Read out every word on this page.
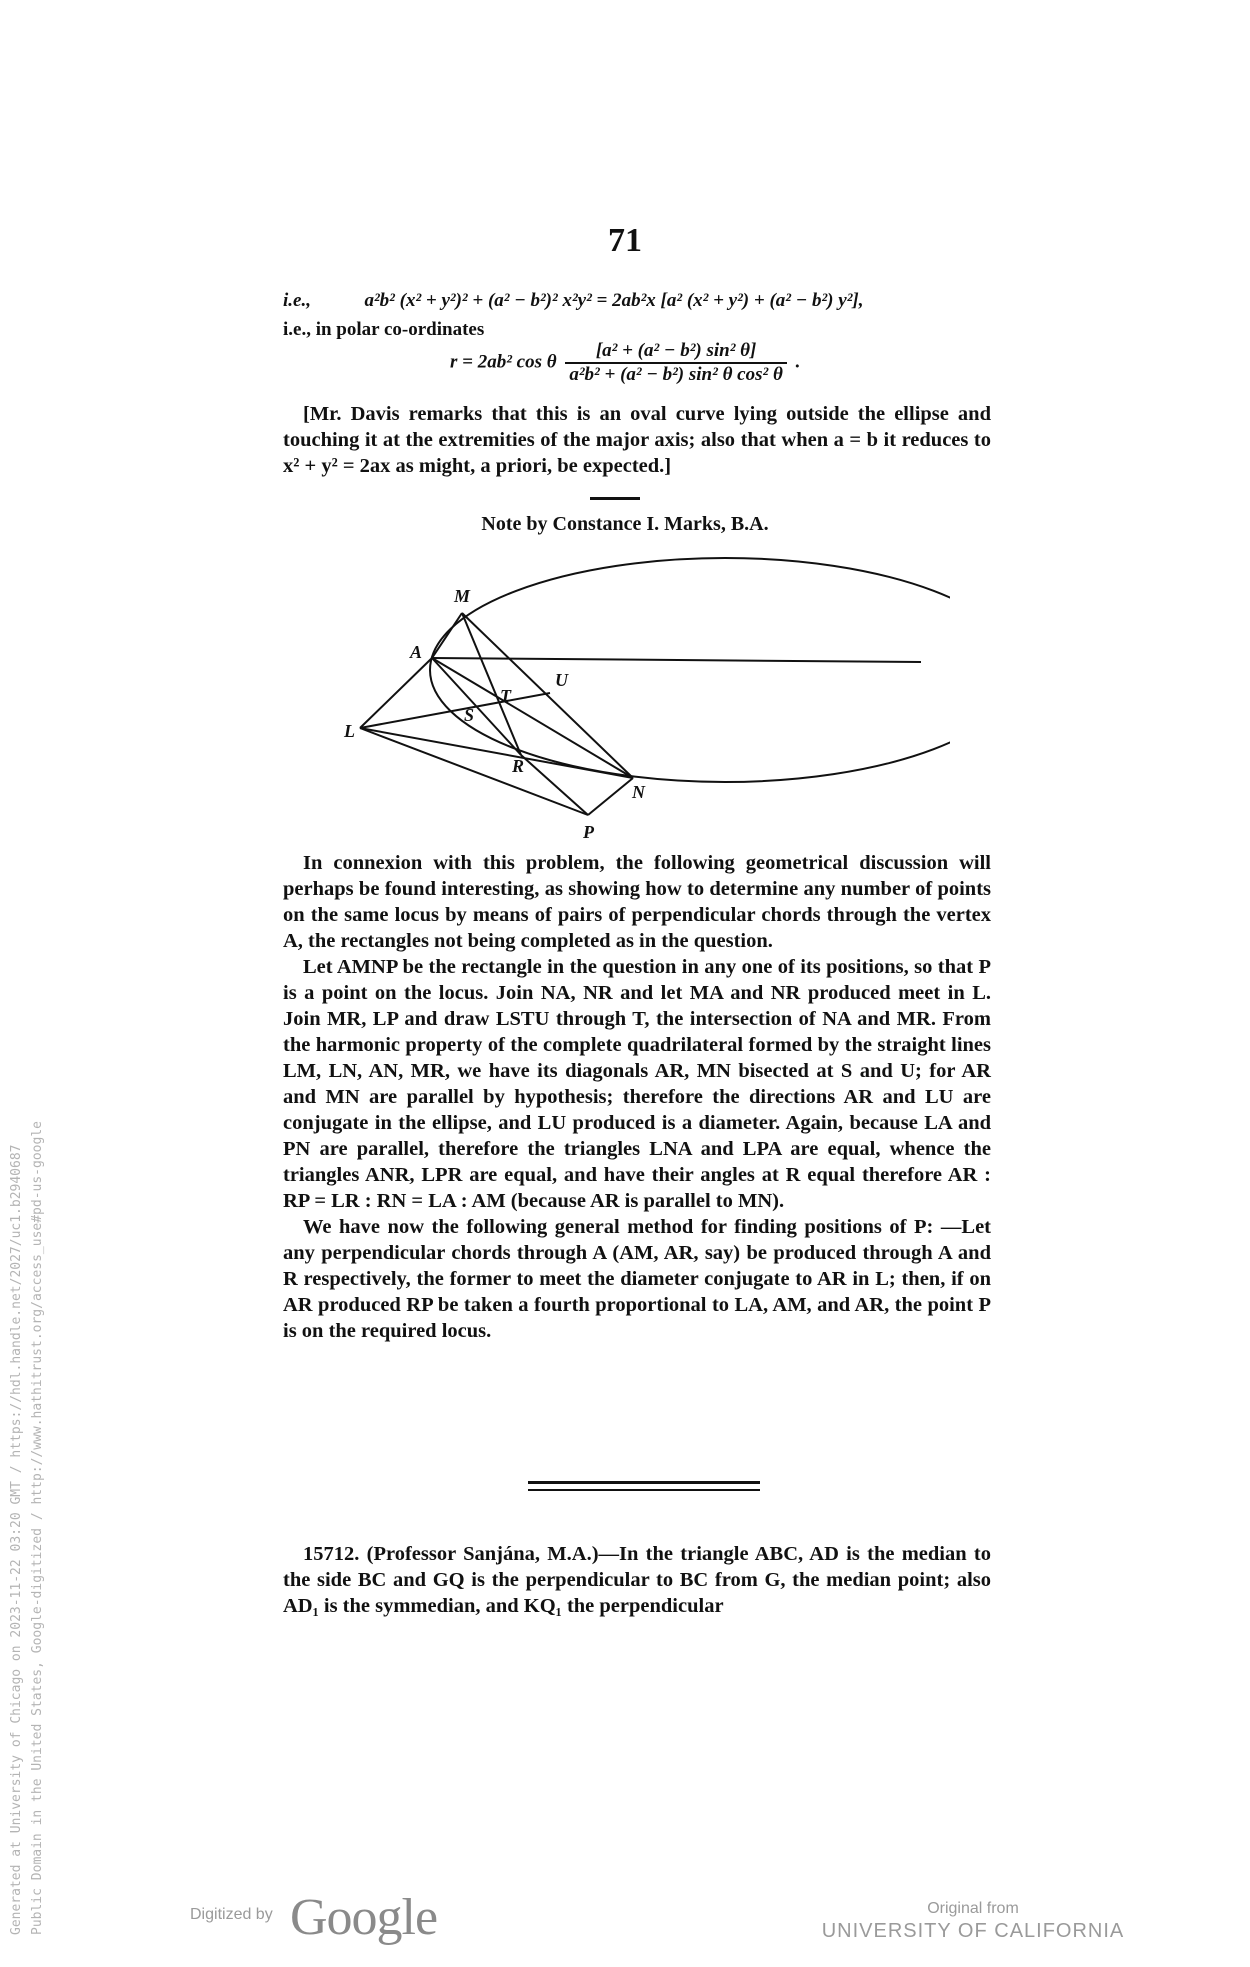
71
i.e.,	a²b² (x² + y²)² + (a² − b²)² x²y² = 2ab²x [a² (x² + y²) + (a² − b²) y²],
i.e., in polar co-ordinates
r = 2ab² cos θ $\frac{\text{[a² + (a² − b²) sin² θ]}}{\text{a²b² + (a² − b²) sin² θ cos² θ}}$ .

[Mr. Davis remarks that this is an oval curve lying outside the ellipse and touching it at the extremities of the major axis; also that when a = b it reduces to x² + y² = 2ax as might, a priori, be expected.]

Note by Constance I. Marks, B.A.
M
A
T
U
S
L
R
N
P

In connexion with this problem, the following geometrical discussion will perhaps be found interesting, as showing how to determine any number of points on the same locus by means of pairs of perpendicular chords through the vertex A, the rectangles not being completed as in the question.

Let AMNP be the rectangle in the question in any one of its positions, so that P is a point on the locus. Join NA, NR and let MA and NR produced meet in L. Join MR, LP and draw LSTU through T, the intersection of NA and MR. From the harmonic property of the complete quadrilateral formed by the straight lines LM, LN, AN, MR, we have its diagonals AR, MN bisected at S and U; for AR and MN are parallel by hypothesis; therefore the directions AR and LU are conjugate in the ellipse, and LU produced is a diameter. Again, because LA and PN are parallel, therefore the triangles LNA and LPA are equal, whence the triangles ANR, LPR are equal, and have their angles at R equal therefore AR : RP = LR : RN = LA : AM (because AR is parallel to MN).

We have now the following general method for finding positions of P: —Let any perpendicular chords through A (AM, AR, say) be produced through A and R respectively, the former to meet the diameter conjugate to AR in L; then, if on AR produced RP be taken a fourth proportional to LA, AM, and AR, the point P is on the required locus.

15712. (Professor Sanjána, M.A.)—In the triangle ABC, AD is the median to the side BC and GQ is the perpendicular to BC from G, the median point; also AD₁ is the symmedian, and KQ₁ the perpendicular

Generated at University of Chicago on 2023-11-22 03:20 GMT / https://hdl.handle.net/2027/uc1.b2940687 Public Domain in the United States, Google-digitized / http://www.hathitrust.org/access_use#pd-us-google	Digitized by Google	Original from
UNIVERSITY OF CALIFORNIA
